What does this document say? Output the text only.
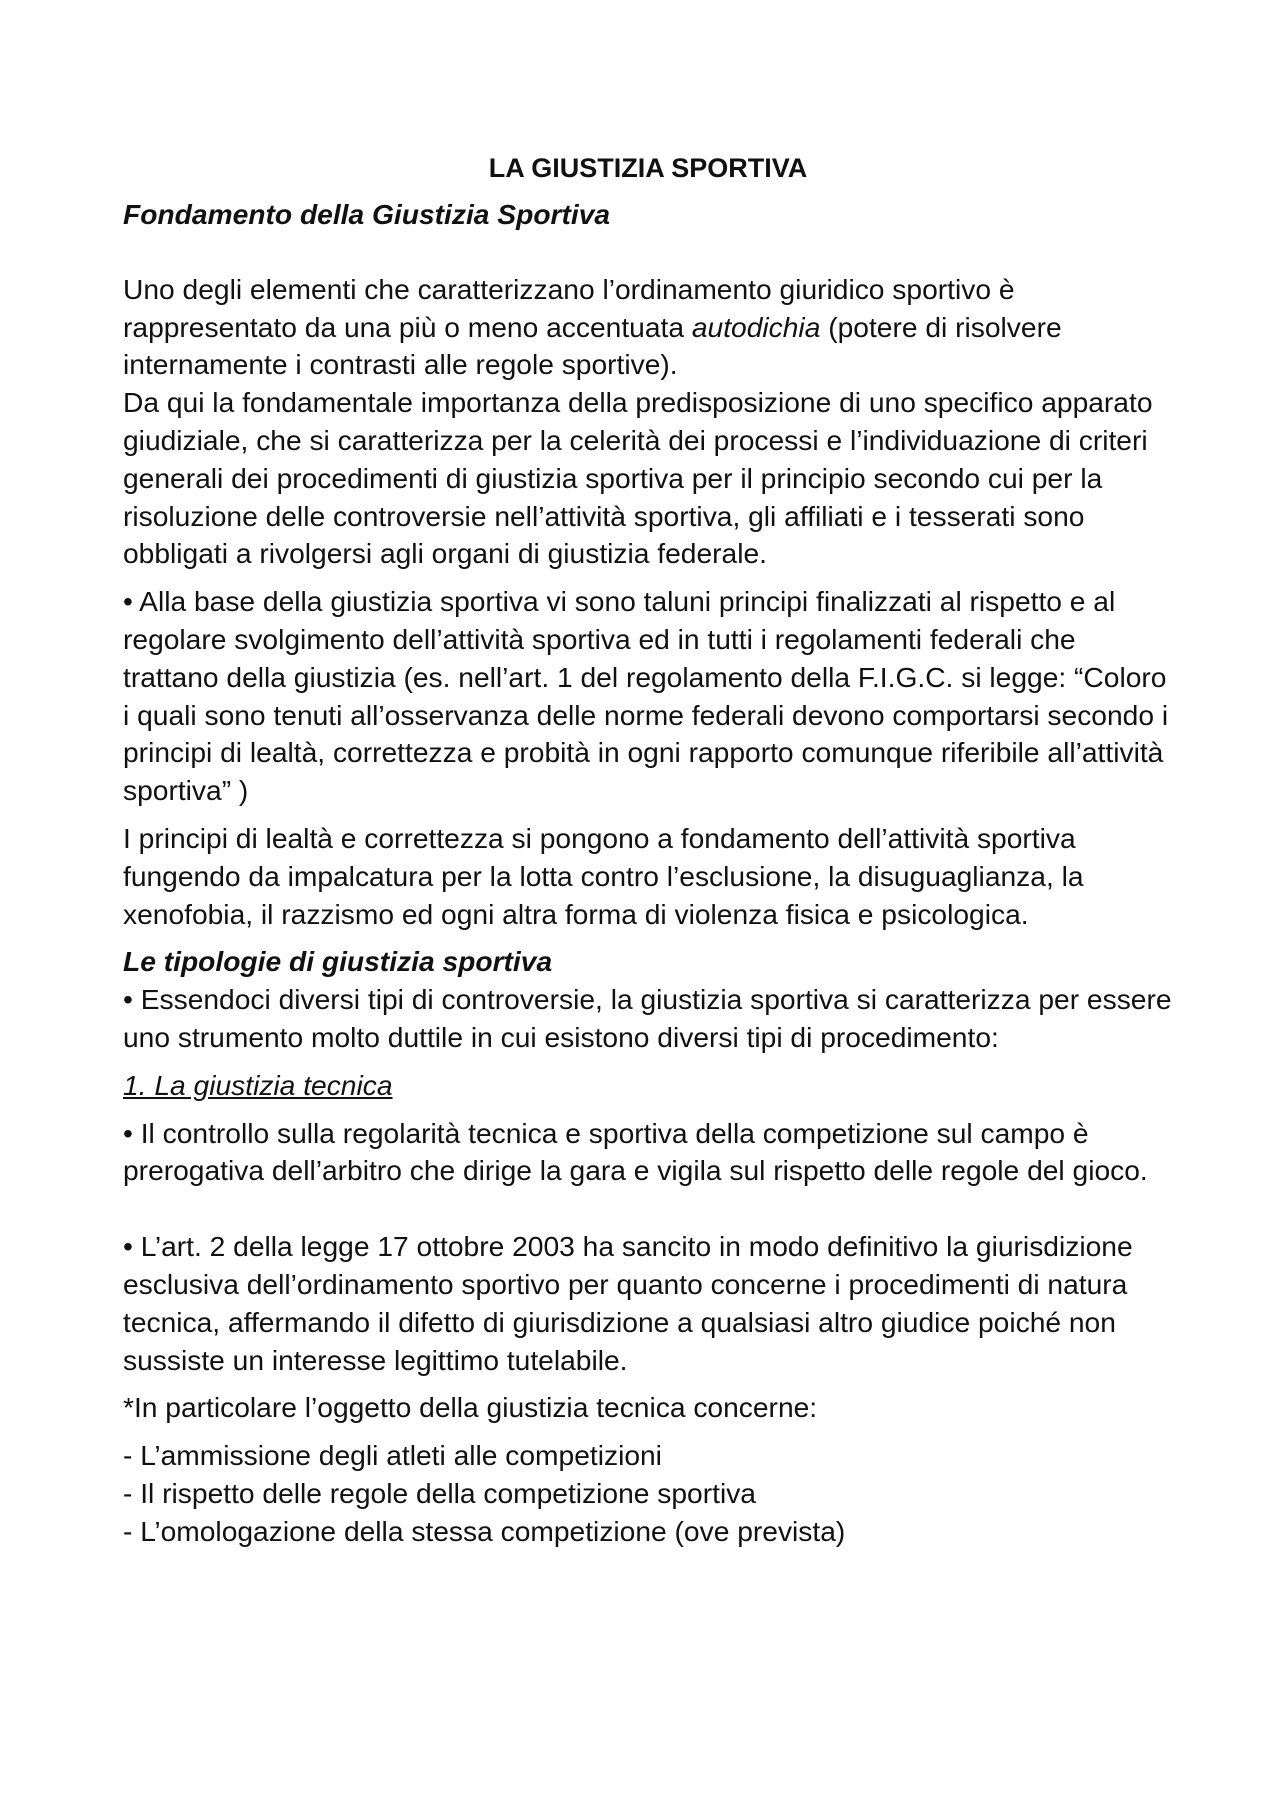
LA GIUSTIZIA SPORTIVA

Fondamento della Giustizia Sportiva

Uno degli elementi che caratterizzano l’ordinamento giuridico sportivo è rappresentato da una più o meno accentuata autodichia (potere di risolvere internamente i contrasti alle regole sportive).

Da qui la fondamentale importanza della predisposizione di uno specifico apparato giudiziale, che si caratterizza per la celerità dei processi e l’individuazione di criteri generali dei procedimenti di giustizia sportiva per il principio secondo cui per la risoluzione delle controversie nell’attività sportiva, gli affiliati e i tesserati sono obbligati a rivolgersi agli organi di giustizia federale.

• Alla base della giustizia sportiva vi sono taluni principi finalizzati al rispetto e al regolare svolgimento dell’attività sportiva ed in tutti i regolamenti federali che trattano della giustizia (es. nell’art. 1 del regolamento della F.I.G.C. si legge: “Coloro i quali sono tenuti all’osservanza delle norme federali devono comportarsi secondo i principi di lealtà, correttezza e probità in ogni rapporto comunque riferibile all’attività sportiva” )

I principi di lealtà e correttezza si pongono a fondamento dell’attività sportiva fungendo da impalcatura per la lotta contro l’esclusione, la disuguaglianza, la xenofobia, il razzismo ed ogni altra forma di violenza fisica e psicologica.

Le tipologie di giustizia sportiva

• Essendoci diversi tipi di controversie, la giustizia sportiva si caratterizza per essere uno strumento molto duttile in cui esistono diversi tipi di procedimento:

1. La giustizia tecnica

• Il controllo sulla regolarità tecnica e sportiva della competizione sul campo è prerogativa dell’arbitro che dirige la gara e vigila sul rispetto delle regole del gioco.

• L’art. 2 della legge 17 ottobre 2003 ha sancito in modo definitivo la giurisdizione esclusiva dell’ordinamento sportivo per quanto concerne i procedimenti di natura tecnica, affermando il difetto di giurisdizione a qualsiasi altro giudice poiché non sussiste un interesse legittimo tutelabile.

*In particolare l’oggetto della giustizia tecnica concerne:

- L’ammissione degli atleti alle competizioni

- Il rispetto delle regole della competizione sportiva

- L’omologazione della stessa competizione (ove prevista)
